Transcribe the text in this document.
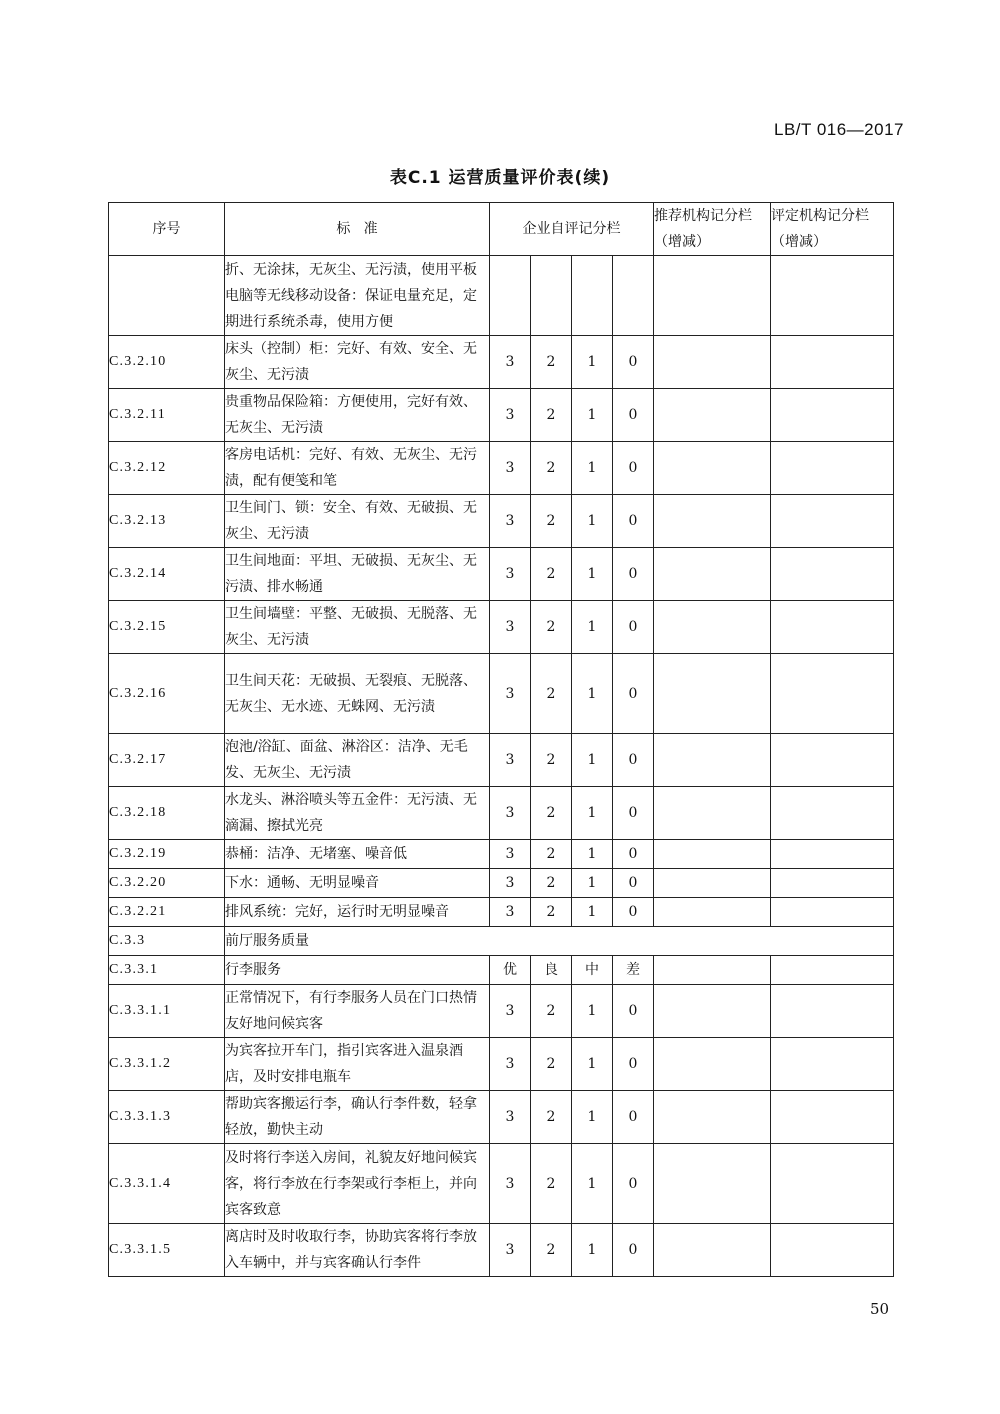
LB/T 016—2017
表C.1 运营质量评价表(续)
序号	标   准	企业自评记分栏				推荐机构记分栏（增减）	评定机构记分栏（增减）
	折、无涂抹，无灰尘、无污渍，使用平板电脑等无线移动设备：保证电量充足，定期进行系统杀毒，使用方便						
C.3.2.10	床头（控制）柜：完好、有效、安全、无灰尘、无污渍	3	2	1	0		
C.3.2.11	贵重物品保险箱：方便使用，完好有效、无灰尘、无污渍	3	2	1	0		
C.3.2.12	客房电话机：完好、有效、无灰尘、无污渍，配有便笺和笔	3	2	1	0		
C.3.2.13	卫生间门、锁：安全、有效、无破损、无灰尘、无污渍	3	2	1	0		
C.3.2.14	卫生间地面：平坦、无破损、无灰尘、无污渍、排水畅通	3	2	1	0		
C.3.2.15	卫生间墙壁：平整、无破损、无脱落、无灰尘、无污渍	3	2	1	0		
C.3.2.16	卫生间天花：无破损、无裂痕、无脱落、无灰尘、无水迹、无蛛网、无污渍	3	2	1	0		
C.3.2.17	泡池/浴缸、面盆、淋浴区：洁净、无毛发、无灰尘、无污渍	3	2	1	0		
C.3.2.18	水龙头、淋浴喷头等五金件：无污渍、无滴漏、擦拭光亮	3	2	1	0		
C.3.2.19	恭桶：洁净、无堵塞、噪音低	3	2	1	0		
C.3.2.20	下水：通畅、无明显噪音	3	2	1	0		
C.3.2.21	排风系统：完好，运行时无明显噪音	3	2	1	0		
C.3.3	前厅服务质量						
C.3.3.1	行李服务	优	良	中	差		
C.3.3.1.1	正常情况下，有行李服务人员在门口热情友好地问候宾客	3	2	1	0		
C.3.3.1.2	为宾客拉开车门，指引宾客进入温泉酒店，及时安排电瓶车	3	2	1	0		
C.3.3.1.3	帮助宾客搬运行李，确认行李件数，轻拿轻放，勤快主动	3	2	1	0		
C.3.3.1.4	及时将行李送入房间，礼貌友好地问候宾客，将行李放在行李架或行李柜上，并向宾客致意	3	2	1	0		
C.3.3.1.5	离店时及时收取行李，协助宾客将行李放入车辆中，并与宾客确认行李件	3	2	1	0		
50
